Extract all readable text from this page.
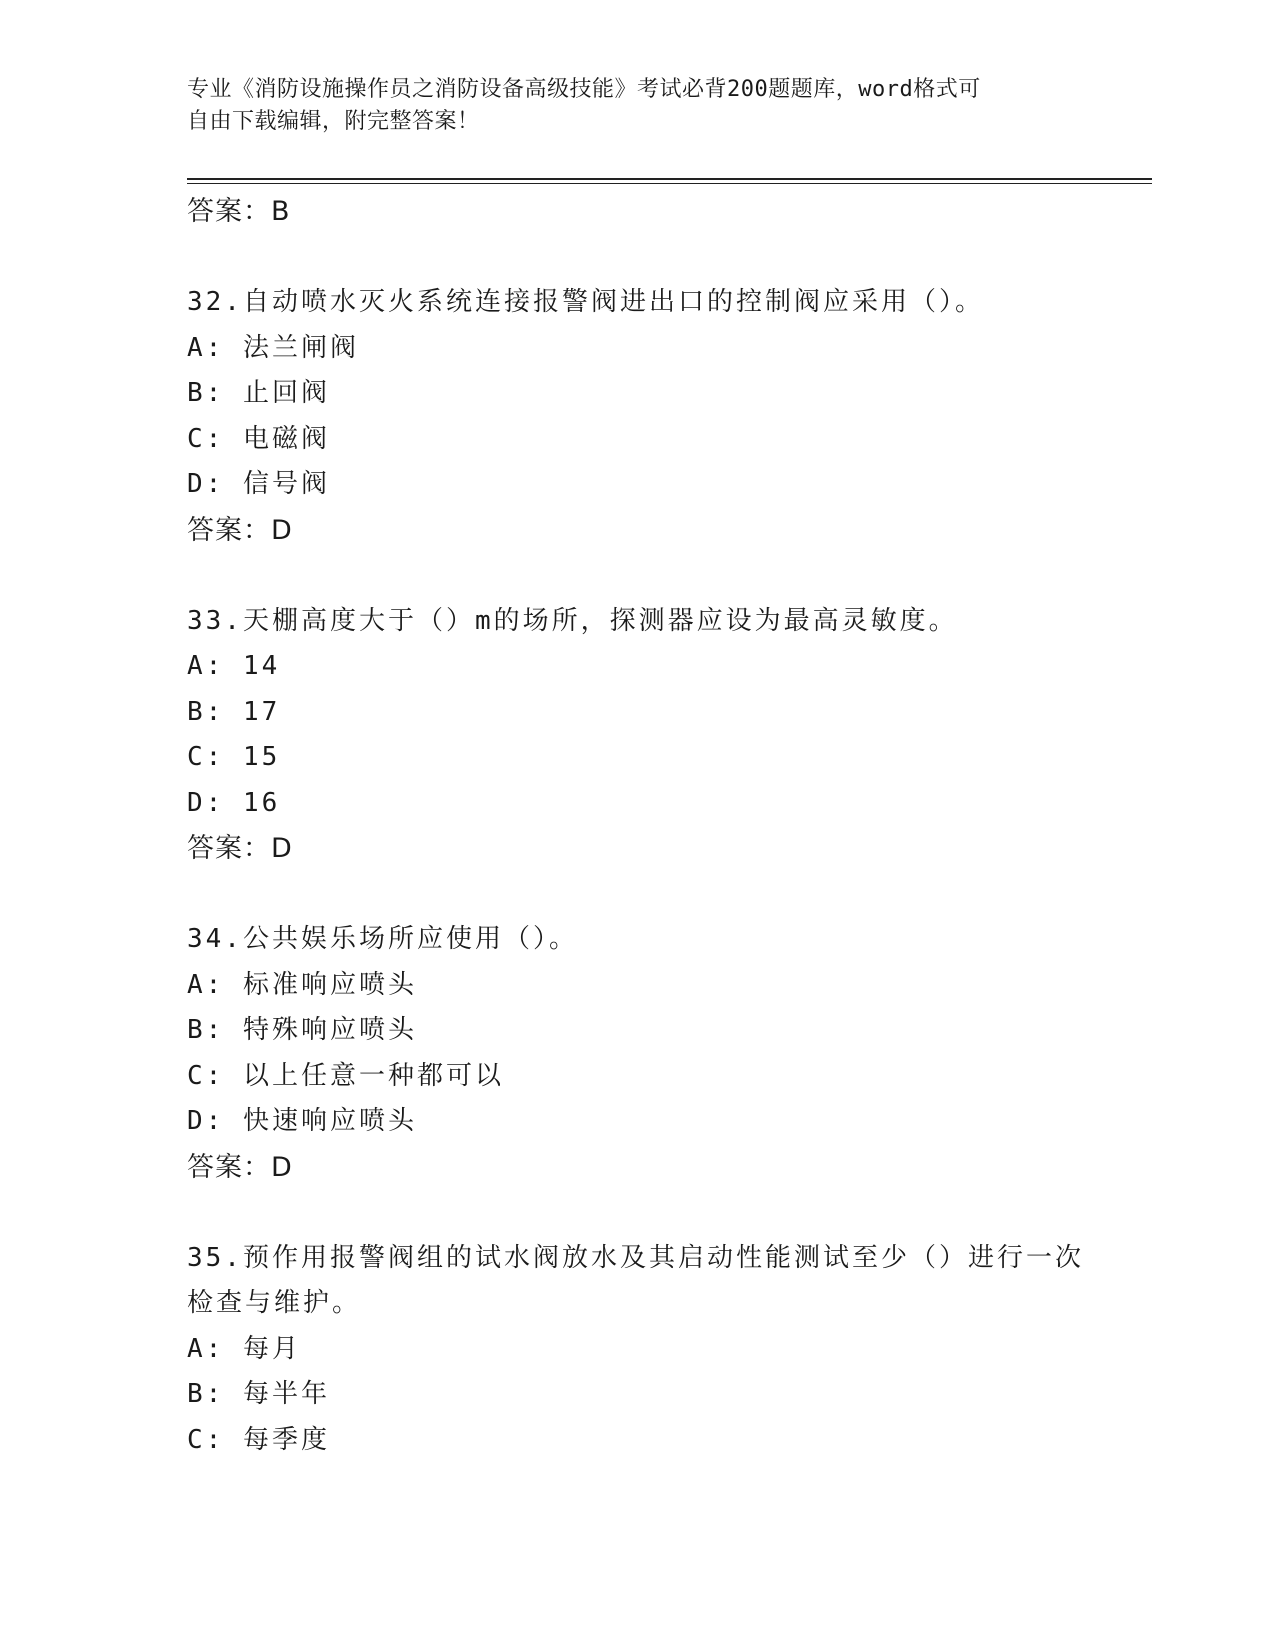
专业《消防设施操作员之消防设备高级技能》考试必背200题题库，word格式可
自由下载编辑，附完整答案！
答案：B
32.自动喷水灭火系统连接报警阀进出口的控制阀应采用（）。
A: 法兰闸阀
B: 止回阀
C: 电磁阀
D: 信号阀
答案：D
33.天棚高度大于（）m的场所，探测器应设为最高灵敏度。
A: 14
B: 17
C: 15
D: 16
答案：D
34.公共娱乐场所应使用（）。
A: 标准响应喷头
B: 特殊响应喷头
C: 以上任意一种都可以
D: 快速响应喷头
答案：D
35.预作用报警阀组的试水阀放水及其启动性能测试至少（）进行一次
检查与维护。
A: 每月
B: 每半年
C: 每季度
